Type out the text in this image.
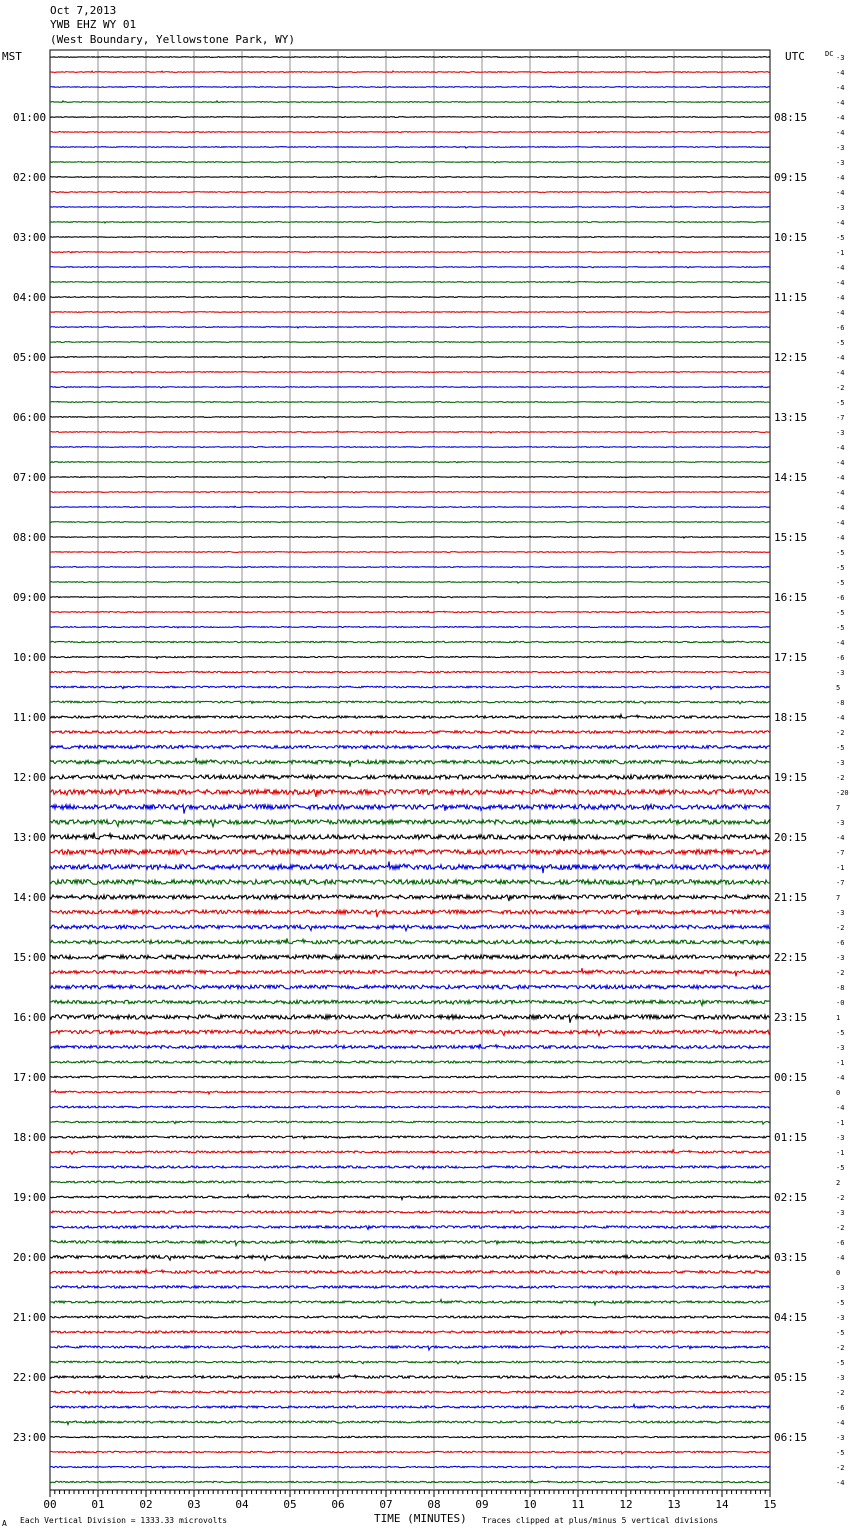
Oct 7,2013
YWB EHZ WY 01
(West Boundary, Yellowstone Park, WY)
MST	UTC	-3
-4
-4
-4
-4
-4
-3
-3
-4
-4
-3
-4
-5
-1
-4
-4
-4
-4
-6
-5
-4
-4
-2
-5
-7
-3
-4
-4
-4
-4
-4
-4
-4
-5
-5
-5
-6
-5
-5
-4
-6
-3
5
-8
-4
-2
-5
-3
-2
-20
7
-3
-4
-7
-1
-7
7
-3
-2
-6
-3
-2
-8
-0
1
-5
-3
-1
-4
0
-4
-1
-3
-1
-5
2
-2
-3
-2
-6
-4
0
-3
-5
-3
-5
-2
-5
-3
-2
-6
-4
-3
-5
-2
-4
DC
01:00	08:15
02:00	09:15
03:00	10:15
04:00	11:15
05:00	12:15
06:00	13:15
07:00	14:15
08:00	15:15
09:00	16:15
10:00	17:15
11:00	18:15
12:00	19:15
13:00	20:15
14:00	21:15
15:00	22:15
16:00	23:15
17:00	00:15
18:00	01:15
19:00	02:15
20:00	03:15
21:00	04:15
22:00	05:15
23:00	06:15
00	01	02	03	04	05	06	07	08	09	10	11	12	13	14	15
A Each Vertical Division = 1333.33 microvolts	TIME (MINUTES) Traces clipped at plus/minus 5 vertical divisions
